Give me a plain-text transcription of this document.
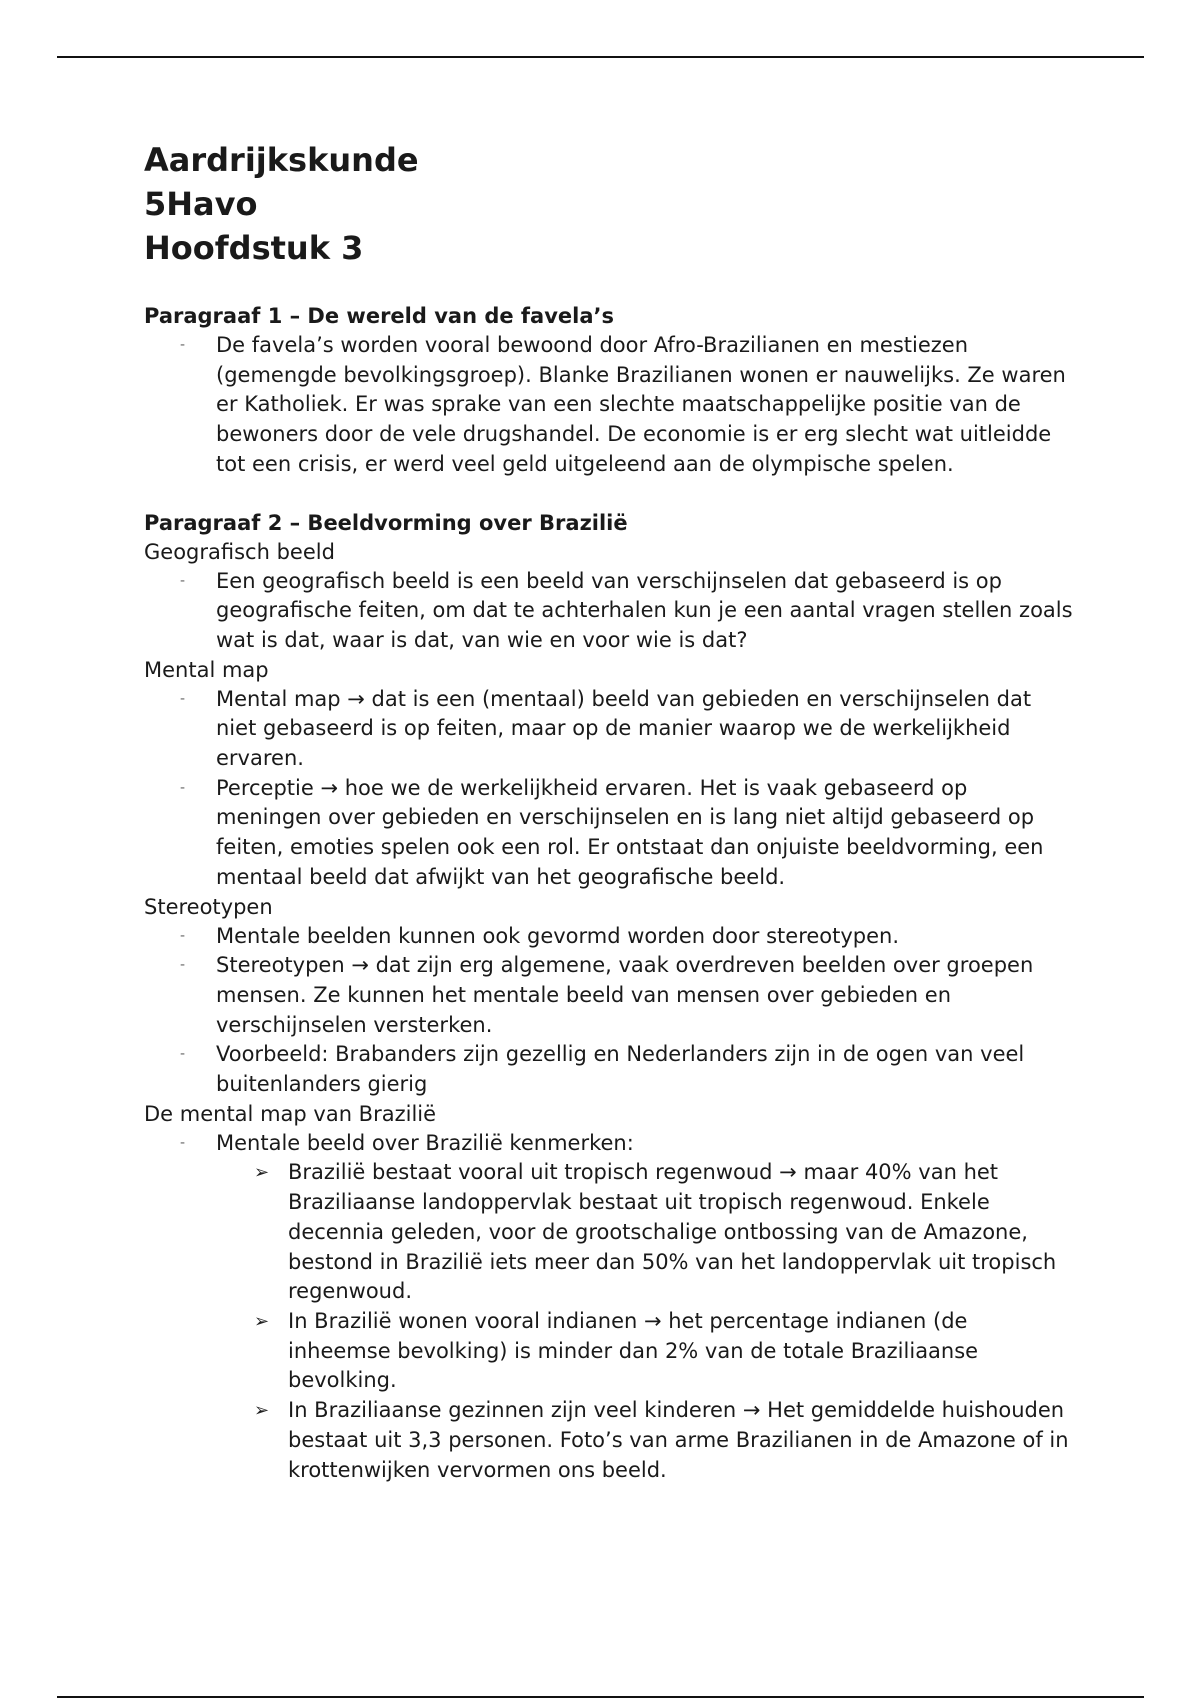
Aardrijkskunde
5Havo
Hoofdstuk 3

Paragraaf 1 – De wereld van de favela’s

- De favela’s worden vooral bewoond door Afro-Brazilianen en mestiezen (gemengde bevolkingsgroep). Blanke Brazilianen wonen er nauwelijks. Ze waren er Katholiek. Er was sprake van een slechte maatschappelijke positie van de bewoners door de vele drugshandel. De economie is er erg slecht wat uitleidde tot een crisis, er werd veel geld uitgeleend aan de olympische spelen.

Paragraaf 2 – Beeldvorming over Brazilië

Geografisch beeld

- Een geografisch beeld is een beeld van verschijnselen dat gebaseerd is op geografische feiten, om dat te achterhalen kun je een aantal vragen stellen zoals wat is dat, waar is dat, van wie en voor wie is dat?

Mental map

- Mental map → dat is een (mentaal) beeld van gebieden en verschijnselen dat niet gebaseerd is op feiten, maar op de manier waarop we de werkelijkheid ervaren.
- Perceptie → hoe we de werkelijkheid ervaren. Het is vaak gebaseerd op meningen over gebieden en verschijnselen en is lang niet altijd gebaseerd op feiten, emoties spelen ook een rol. Er ontstaat dan onjuiste beeldvorming, een mentaal beeld dat afwijkt van het geografische beeld.

Stereotypen

- Mentale beelden kunnen ook gevormd worden door stereotypen.
- Stereotypen → dat zijn erg algemene, vaak overdreven beelden over groepen mensen. Ze kunnen het mentale beeld van mensen over gebieden en verschijnselen versterken.
- Voorbeeld: Brabanders zijn gezellig en Nederlanders zijn in de ogen van veel buitenlanders gierig

De mental map van Brazilië

- Mentale beeld over Brazilië kenmerken:
➢ Brazilië bestaat vooral uit tropisch regenwoud → maar 40% van het Braziliaanse landoppervlak bestaat uit tropisch regenwoud. Enkele decennia geleden, voor de grootschalige ontbossing van de Amazone, bestond in Brazilië iets meer dan 50% van het landoppervlak uit tropisch regenwoud.
➢ In Brazilië wonen vooral indianen → het percentage indianen (de inheemse bevolking) is minder dan 2% van de totale Braziliaanse bevolking.
➢ In Braziliaanse gezinnen zijn veel kinderen → Het gemiddelde huishouden bestaat uit 3,3 personen. Foto’s van arme Brazilianen in de Amazone of in krottenwijken vervormen ons beeld.
